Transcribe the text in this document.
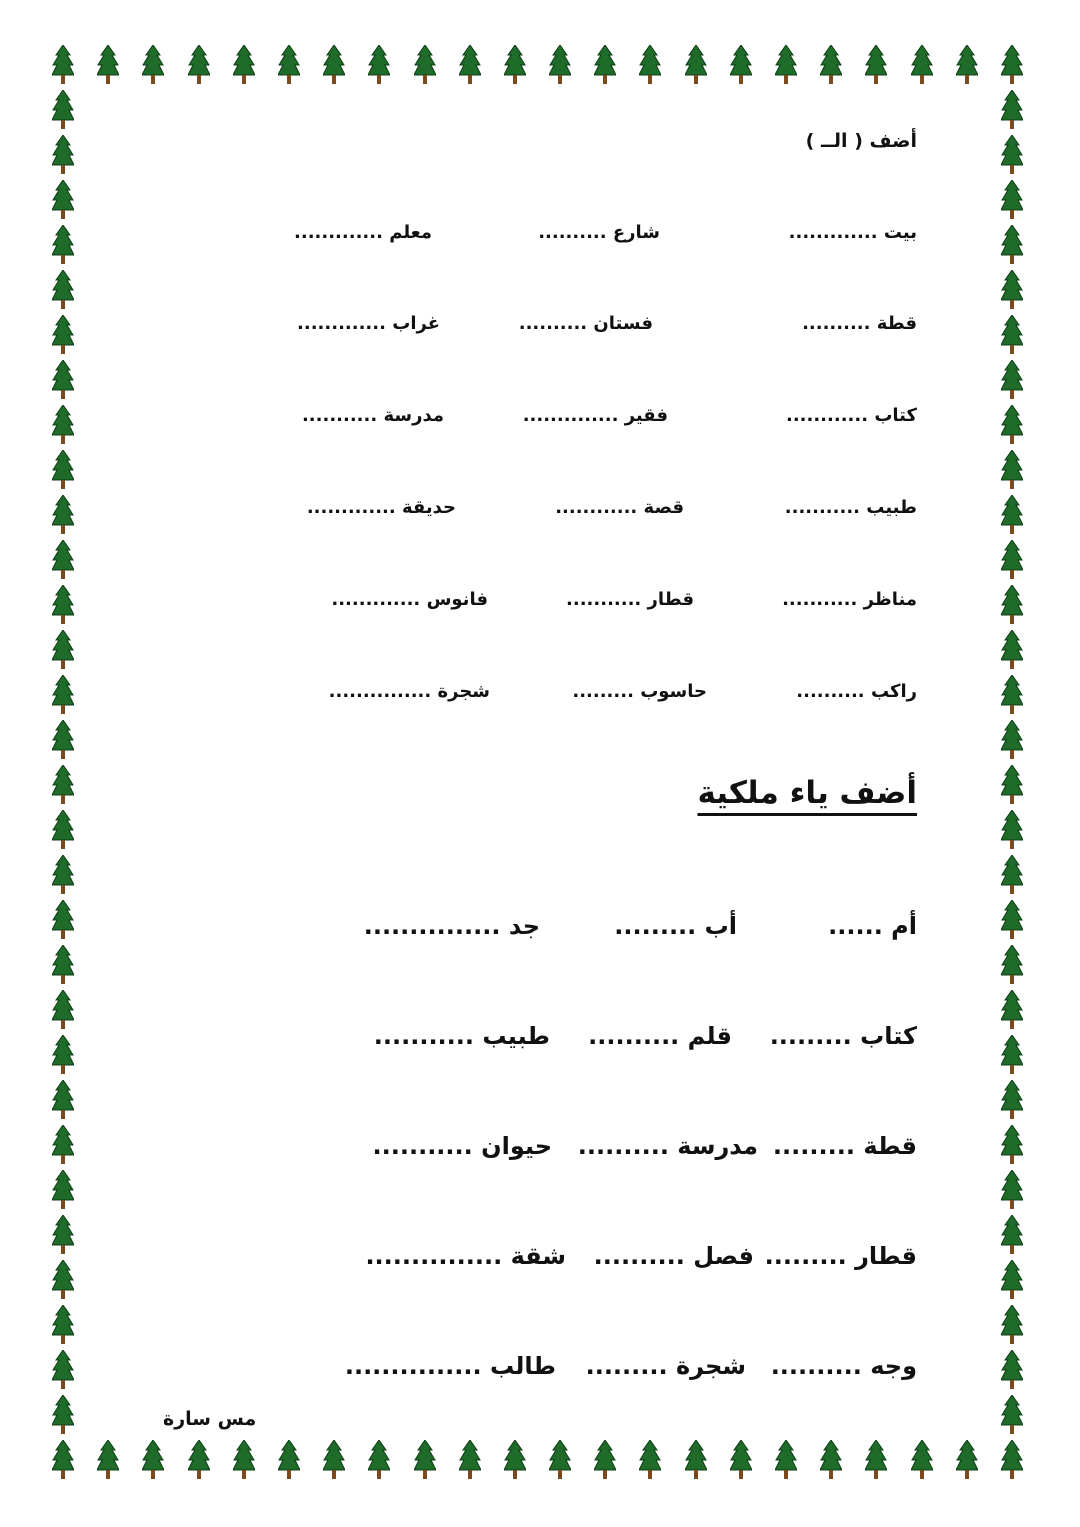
أضف ( الــ )
بيت .............
شارع ..........
معلم .............
قطة ..........
فستان ..........
غراب .............
كتاب ............
فقير ..............
مدرسة ...........
طبيب ...........
قصة ............
حديقة .............
مناظر ...........
قطار ...........
فانوس .............
راكب ..........
حاسوب .........
شجرة ...............
أضف ياء ملكية
أم ......
أب .........
جد ...............
كتاب .........
قلم ..........
طبيب ...........
قطة .........
مدرسة ..........
حيوان ...........
قطار .........
فصل ..........
شقة ...............
وجه ..........
شجرة .........
طالب ...............
مس سارة
